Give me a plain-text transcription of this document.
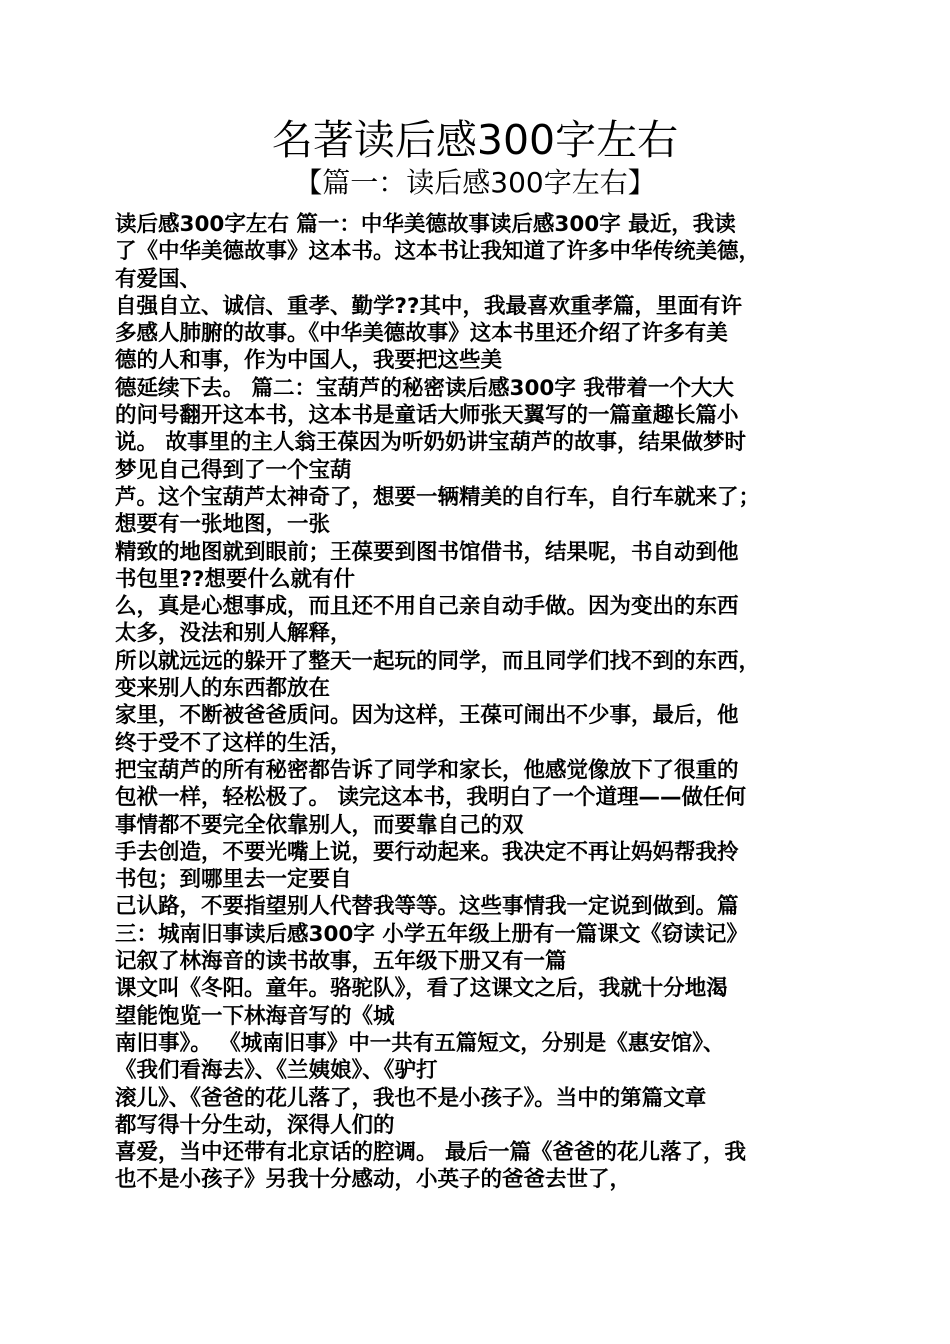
名著读后感300字左右
【篇一：读后感300字左右】
读后感300字左右 篇一：中华美德故事读后感300字 最近，我读
了《中华美德故事》这本书。这本书让我知道了许多中华传统美德，
有爱国、
自强自立、诚信、重孝、勤学??其中，我最喜欢重孝篇，里面有许
多感人肺腑的故事。《中华美德故事》这本书里还介绍了许多有美
德的人和事，作为中国人，我要把这些美
德延续下去。 篇二：宝葫芦的秘密读后感300字 我带着一个大大
的问号翻开这本书，这本书是童话大师张天翼写的一篇童趣长篇小
说。 故事里的主人翁王葆因为听奶奶讲宝葫芦的故事，结果做梦时
梦见自己得到了一个宝葫
芦。这个宝葫芦太神奇了，想要一辆精美的自行车，自行车就来了；
想要有一张地图，一张
精致的地图就到眼前；王葆要到图书馆借书，结果呢，书自动到他
书包里??想要什么就有什
么，真是心想事成，而且还不用自己亲自动手做。因为变出的东西
太多，没法和别人解释，
所以就远远的躲开了整天一起玩的同学，而且同学们找不到的东西，
变来别人的东西都放在
家里，不断被爸爸质问。因为这样，王葆可闹出不少事，最后，他
终于受不了这样的生活，
把宝葫芦的所有秘密都告诉了同学和家长，他感觉像放下了很重的
包袱一样，轻松极了。 读完这本书，我明白了一个道理——做任何
事情都不要完全依靠别人，而要靠自己的双
手去创造，不要光嘴上说，要行动起来。我决定不再让妈妈帮我拎
书包；到哪里去一定要自
己认路，不要指望别人代替我等等。这些事情我一定说到做到。篇
三：城南旧事读后感300字 小学五年级上册有一篇课文《窃读记》
记叙了林海音的读书故事，五年级下册又有一篇
课文叫《冬阳。童年。骆驼队》，看了这课文之后，我就十分地渴
望能饱览一下林海音写的《城
南旧事》。 《城南旧事》中一共有五篇短文，分别是《惠安馆》、
《我们看海去》、《兰姨娘》、《驴打
滚儿》、《爸爸的花儿落了，我也不是小孩子》。当中的第篇文章
都写得十分生动，深得人们的
喜爱，当中还带有北京话的腔调。 最后一篇《爸爸的花儿落了，我
也不是小孩子》另我十分感动，小英子的爸爸去世了，
